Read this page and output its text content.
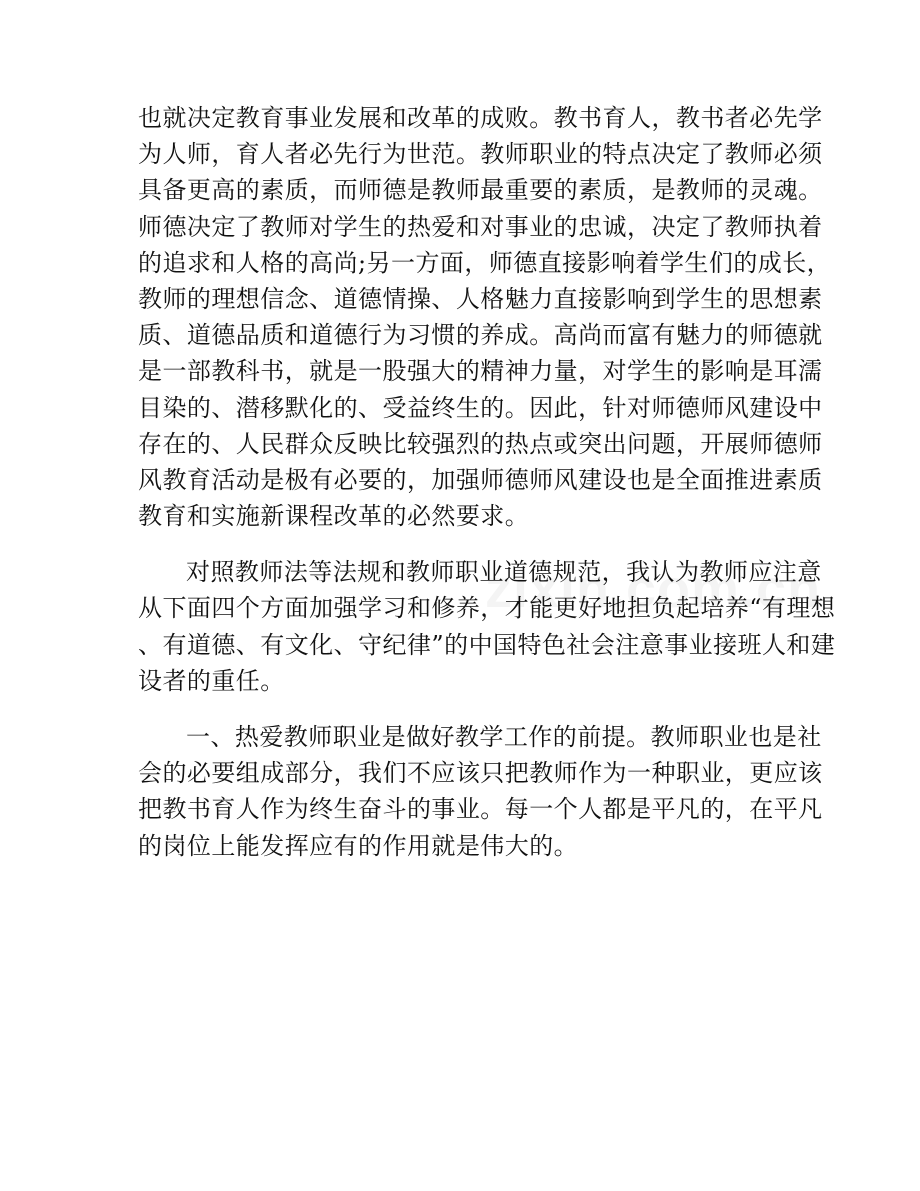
也就决定教育事业发展和改革的成败。教书育人，教书者必先学
为人师，育人者必先行为世范。教师职业的特点决定了教师必须
具备更高的素质，而师德是教师最重要的素质，是教师的灵魂。
师德决定了教师对学生的热爱和对事业的忠诚，决定了教师执着
的追求和人格的高尚;另一方面，师德直接影响着学生们的成长，
教师的理想信念、道德情操、人格魅力直接影响到学生的思想素
质、道德品质和道德行为习惯的养成。高尚而富有魅力的师德就
是一部教科书，就是一股强大的精神力量，对学生的影响是耳濡
目染的、潜移默化的、受益终生的。因此，针对师德师风建设中
存在的、人民群众反映比较强烈的热点或突出问题，开展师德师
风教育活动是极有必要的，加强师德师风建设也是全面推进素质
教育和实施新课程改革的必然要求。
对照教师法等法规和教师职业道德规范，我认为教师应注意
从下面四个方面加强学习和修养，才能更好地担负起培养“有理想
、有道德、有文化、守纪律”的中国特色社会注意事业接班人和建
设者的重任。
一、热爱教师职业是做好教学工作的前提。教师职业也是社
会的必要组成部分，我们不应该只把教师作为一种职业，更应该
把教书育人作为终生奋斗的事业。每一个人都是平凡的，在平凡
的岗位上能发挥应有的作用就是伟大的。
